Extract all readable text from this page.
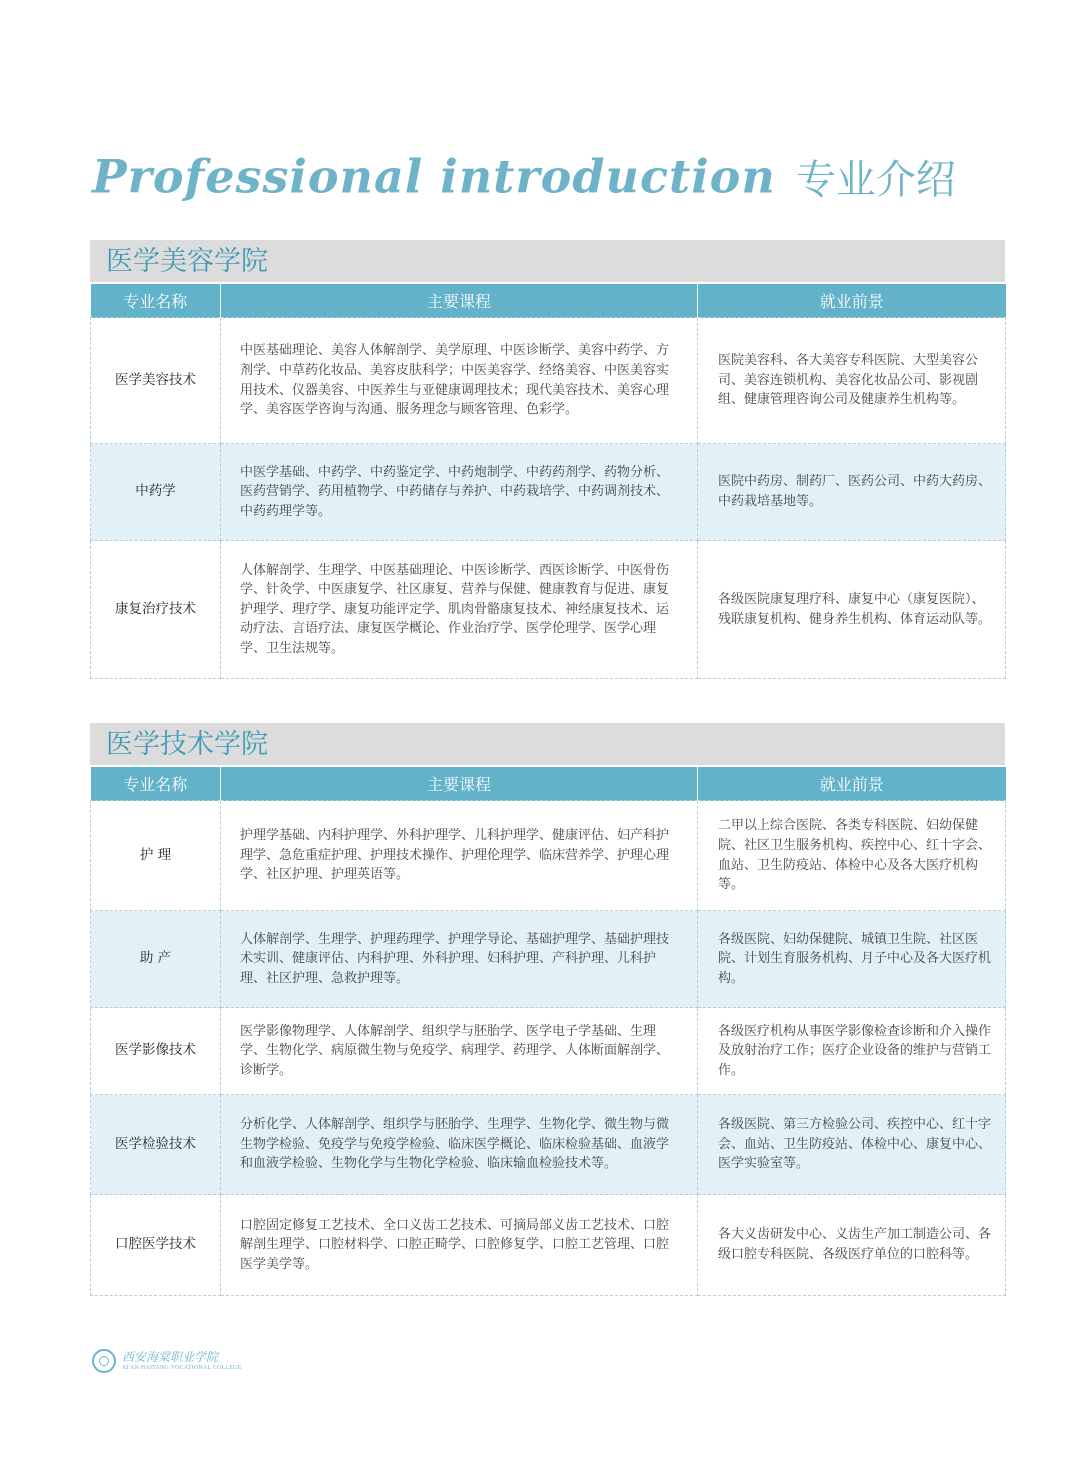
Professional introduction 专业介绍
医学美容学院
专业名称	主要课程	就业前景
医学美容技术	中医基础理论、美容人体解剖学、美学原理、中医诊断学、美容中药学、方剂学、中草药化妆品、美容皮肤科学；中医美容学、经络美容、中医美容实用技术、仪器美容、中医养生与亚健康调理技术；现代美容技术、美容心理学、美容医学咨询与沟通、服务理念与顾客管理、色彩学。	医院美容科、各大美容专科医院、大型美容公司、美容连锁机构、美容化妆品公司、影视剧组、健康管理咨询公司及健康养生机构等。
中药学	中医学基础、中药学、中药鉴定学、中药炮制学、中药药剂学、药物分析、医药营销学、药用植物学、中药储存与养护、中药栽培学、中药调剂技术、中药药理学等。	医院中药房、制药厂、医药公司、中药大药房、中药栽培基地等。
康复治疗技术	人体解剖学、生理学、中医基础理论、中医诊断学、西医诊断学、中医骨伤学、针灸学、中医康复学、社区康复、营养与保健、健康教育与促进、康复护理学、理疗学、康复功能评定学、肌肉骨骼康复技术、神经康复技术、运动疗法、言语疗法、康复医学概论、作业治疗学、医学伦理学、医学心理学、卫生法规等。	各级医院康复理疗科、康复中心（康复医院）、残联康复机构、健身养生机构、体育运动队等。
医学技术学院
专业名称	主要课程	就业前景
护 理	护理学基础、内科护理学、外科护理学、儿科护理学、健康评估、妇产科护理学、急危重症护理、护理技术操作、护理伦理学、临床营养学、护理心理学、社区护理、护理英语等。	二甲以上综合医院、各类专科医院、妇幼保健院、社区卫生服务机构、疾控中心、红十字会、血站、卫生防疫站、体检中心及各大医疗机构等。
助 产	人体解剖学、生理学、护理药理学、护理学导论、基础护理学、基础护理技术实训、健康评估、内科护理、外科护理、妇科护理、产科护理、儿科护理、社区护理、急救护理等。	各级医院、妇幼保健院、城镇卫生院、社区医院、计划生育服务机构、月子中心及各大医疗机构。
医学影像技术	医学影像物理学、人体解剖学、组织学与胚胎学、医学电子学基础、生理学、生物化学、病原微生物与免疫学、病理学、药理学、人体断面解剖学、诊断学。	各级医疗机构从事医学影像检查诊断和介入操作及放射治疗工作；医疗企业设备的维护与营销工作。
医学检验技术	分析化学、人体解剖学、组织学与胚胎学、生理学、生物化学、微生物与微生物学检验、免疫学与免疫学检验、临床医学概论、临床检验基础、血液学和血液学检验、生物化学与生物化学检验、临床输血检验技术等。	各级医院、第三方检验公司、疾控中心、红十字会、血站、卫生防疫站、体检中心、康复中心、医学实验室等。
口腔医学技术	口腔固定修复工艺技术、全口义齿工艺技术、可摘局部义齿工艺技术、口腔解剖生理学、口腔材料学、口腔正畸学、口腔修复学、口腔工艺管理、口腔医学美学等。	各大义齿研发中心、义齿生产加工制造公司、各级口腔专科医院、各级医疗单位的口腔科等。
西安海棠职业学院
XI'AN HAITANG VOCATIONAL COLLEGE
